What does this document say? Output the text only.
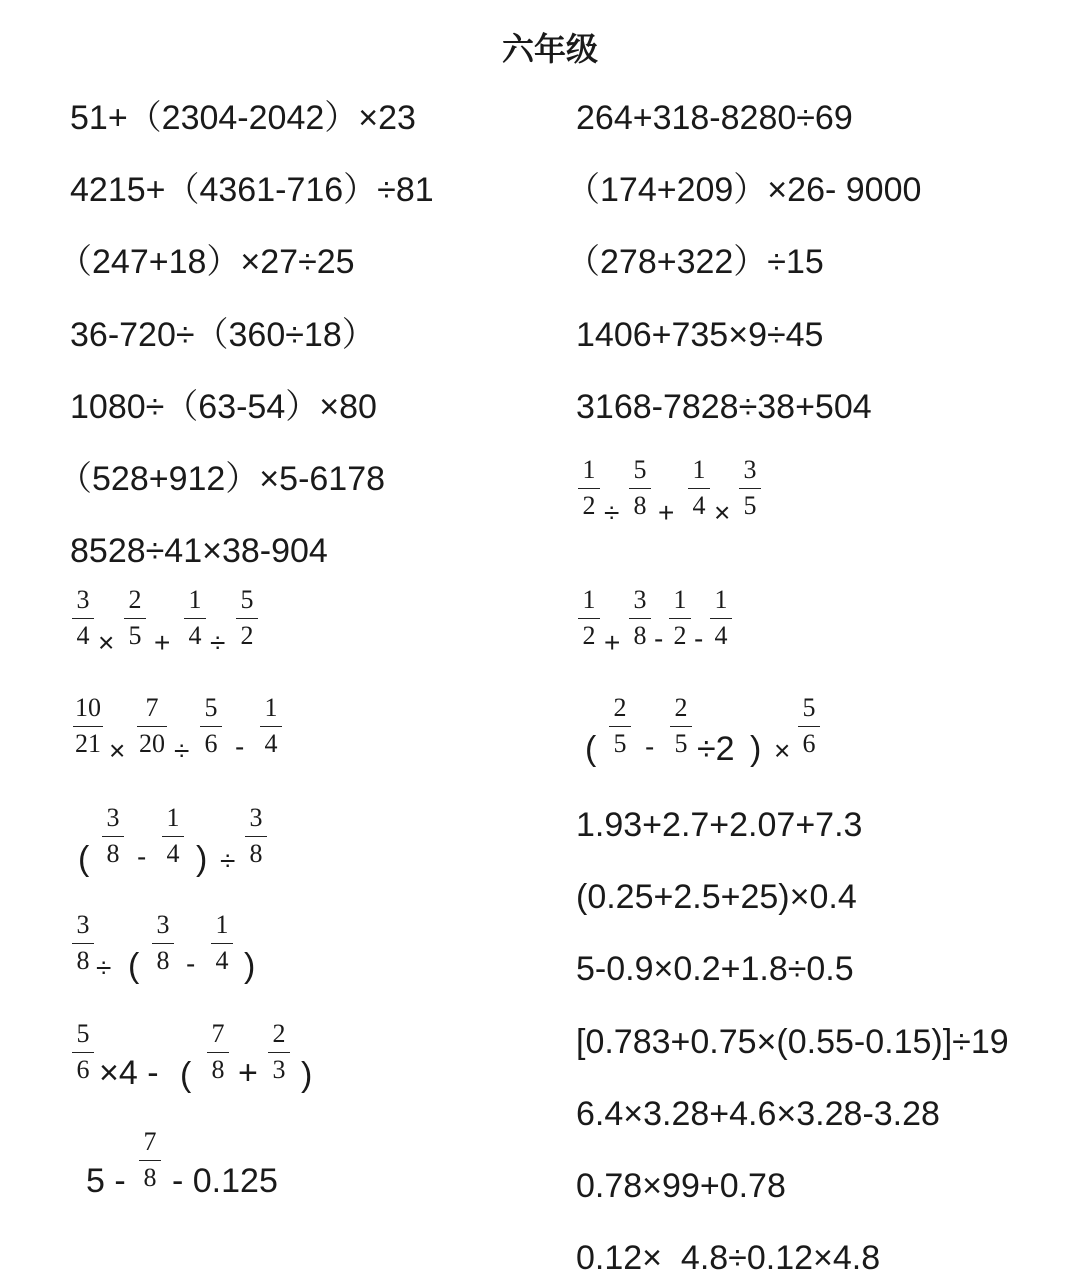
六年级
51+（2304-2042）×23
4215+（4361-716）÷81
（247+18）×27÷25
36-720÷（360÷18）
1080÷（63-54）×80
（528+912）×5-6178
8528÷41×38-904
264+318-8280÷69
（174+209）×26- 9000
（278+322）÷15
1406+735×9÷45
3168-7828÷38+504
1.93+2.7+2.07+7.3
(0.25+2.5+25)×0.4
5-0.9×0.2+1.8÷0.5
[0.783+0.75×(0.55-0.15)]÷19
6.4×3.28+4.6×3.28-3.28
0.78×99+0.78
0.12×  4.8÷0.12×4.8
1
2 ÷
5
8 +
1
4 ×
3
5
3
4 ×
2
5 +
1
4 ÷
5
2
1
2 +
3
8 -
1
2 -
1
4
10
21 ×
7
20 ÷
5
6 -
1
4	(
2
5 -
2
5 ÷2 ) ×
5
6
(
3
8 -
1
4 ) ÷
3
8
3
8 ÷ (
3
8 -
1
4 )
5
6 ×4 - (
7
8 +
2
3 )
5 -
7
8 - 0.125
